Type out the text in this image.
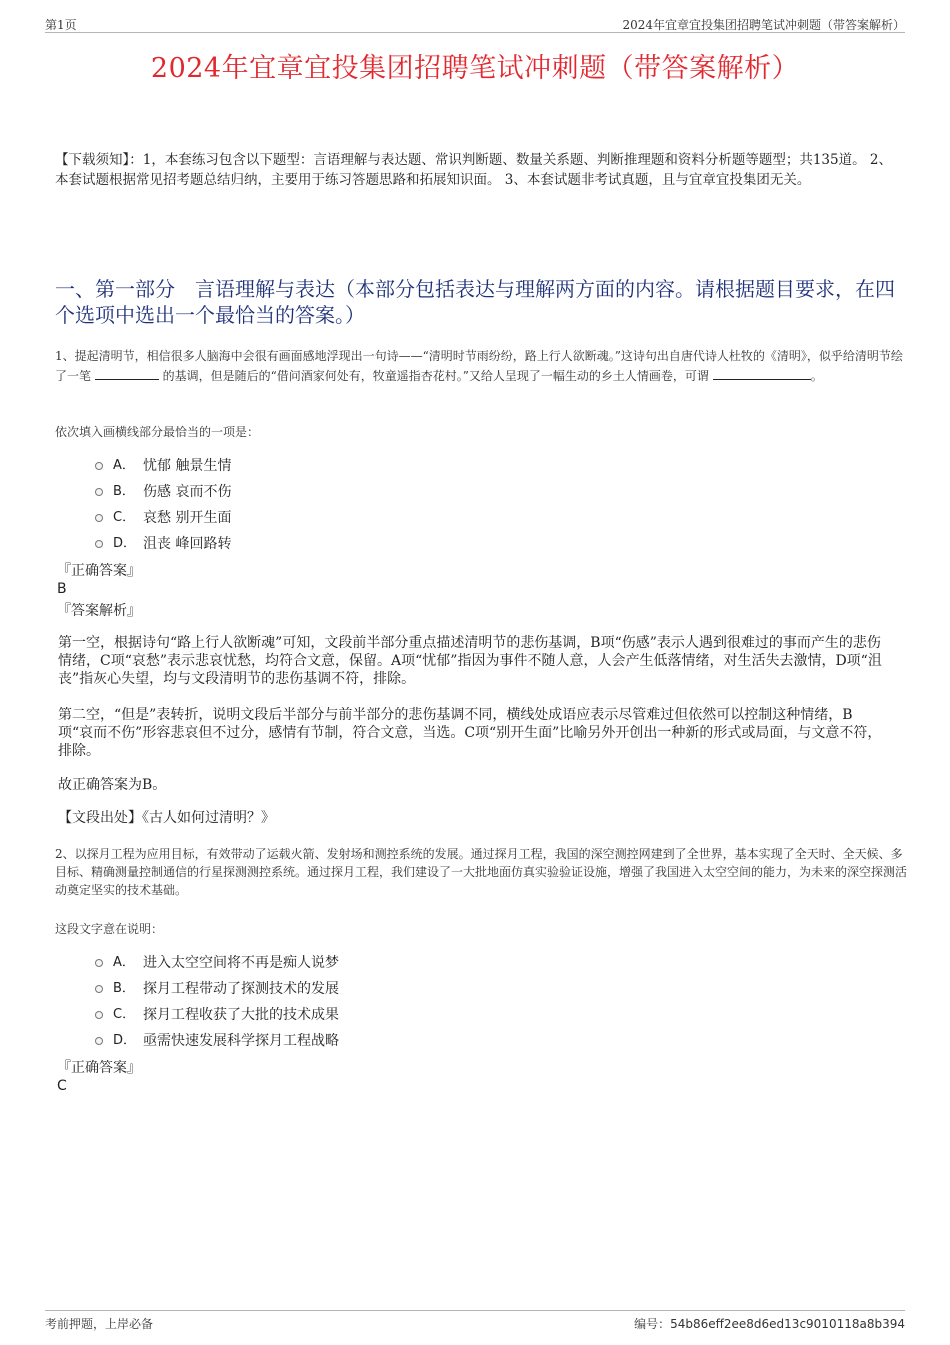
第1页	2024年宜章宜投集团招聘笔试冲刺题（带答案解析）
2024年宜章宜投集团招聘笔试冲刺题（带答案解析）
【下载须知】：1，本套练习包含以下题型：言语理解与表达题、常识判断题、数量关系题、判断推理题和资料分析题等题型；共135道。 2、本套试题根据常见招考题总结归纳，主要用于练习答题思路和拓展知识面。 3、本套试题非考试真题，且与宜章宜投集团无关。
一、第一部分　言语理解与表达（本部分包括表达与理解两方面的内容。请根据题目要求，在四个选项中选出一个最恰当的答案。）
1、提起清明节，相信很多人脑海中会很有画面感地浮现出一句诗——“清明时节雨纷纷，路上行人欲断魂。”这诗句出自唐代诗人杜牧的《清明》，似乎给清明节绘了一笔	的基调，但是随后的“借问酒家何处有，牧童遥指杏花村。”又给人呈现了一幅生动的乡土人情画卷，可谓	。
依次填入画横线部分最恰当的一项是：
A． 忧郁 触景生情
B． 伤感 哀而不伤
C． 哀愁 别开生面
D． 沮丧 峰回路转
『正确答案』
B
『答案解析』
第一空，根据诗句“路上行人欲断魂”可知，文段前半部分重点描述清明节的悲伤基调，B项“伤感”表示人遇到很难过的事而产生的悲伤情绪，C项“哀愁”表示悲哀忧愁，均符合文意，保留。A项“忧郁”指因为事件不随人意，人会产生低落情绪，对生活失去激情，D项“沮丧”指灰心失望，均与文段清明节的悲伤基调不符，排除。
第二空，“但是”表转折，说明文段后半部分与前半部分的悲伤基调不同，横线处成语应表示尽管难过但依然可以控制这种情绪，B项“哀而不伤”形容悲哀但不过分，感情有节制，符合文意，当选。C项“别开生面”比喻另外开创出一种新的形式或局面，与文意不符，排除。
故正确答案为B。
【文段出处】《古人如何过清明？》
2、以探月工程为应用目标，有效带动了运载火箭、发射场和测控系统的发展。通过探月工程，我国的深空测控网建到了全世界，基本实现了全天时、全天候、多目标、精确测量控制通信的行星探测测控系统。通过探月工程，我们建设了一大批地面仿真实验验证设施，增强了我国进入太空空间的能力，为未来的深空探测活动奠定坚实的技术基础。
这段文字意在说明：
A． 进入太空空间将不再是痴人说梦
B． 探月工程带动了探测技术的发展
C． 探月工程收获了大批的技术成果
D． 亟需快速发展科学探月工程战略
『正确答案』
C
考前押题，上岸必备	编号：54b86eff2ee8d6ed13c9010118a8b394
